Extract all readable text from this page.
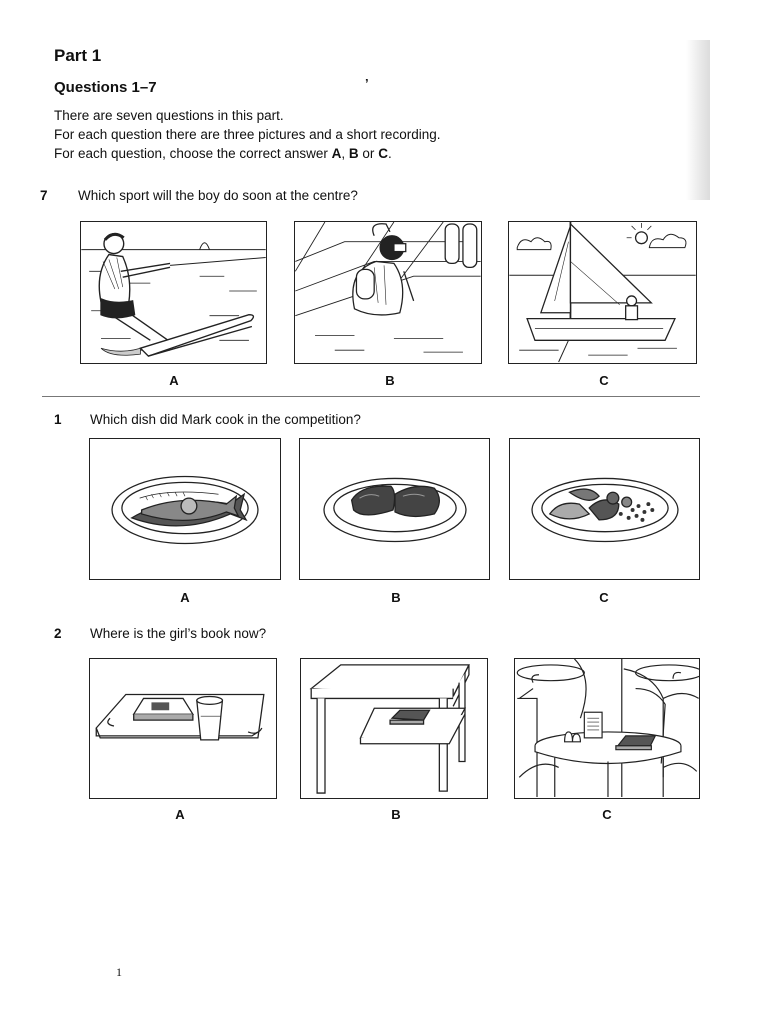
Part 1
Questions 1–7	’
There are seven questions in this part.
For each question there are three pictures and a short recording.
For each question, choose the correct answer A, B or C.
7 Which sport will the boy do soon at the centre?
A	B	C
1 Which dish did Mark cook in the competition?
A	B	C
2 Where is the girl’s book now?
A	B	C
1
